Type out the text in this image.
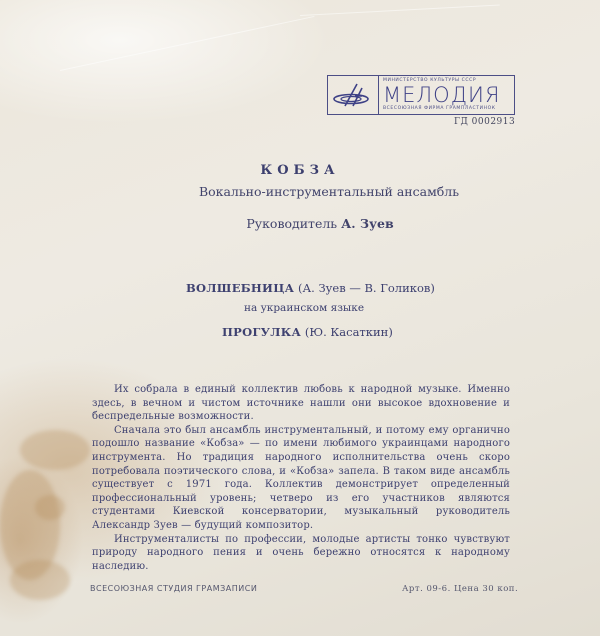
МИНИСТЕРСТВО КУЛЬТУРЫ СССР
МЕЛОДИЯ
ВСЕСОЮЗНАЯ ФИРМА ГРАМПЛАСТИНОК
ГД 0002913
КОБЗА
Вокально-инструментальный ансамбль
Руководитель А. Зуев
ВОЛШЕБНИЦА (А. Зуев — В. Голиков)
на украинском языке
ПРОГУЛКА (Ю. Касаткин)

Их собрала в единый коллектив любовь к народной музыке. Именно здесь, в вечном и чистом источнике нашли они высокое вдохновение и беспредельные возможности.

Сначала это был ансамбль инструментальный, и потому ему органично подошло название «Кобза» — по имени любимого украинцами народного инструмента. Но традиция народного исполнительства очень скоро потребовала поэтического слова, и «Кобза» запела. В таком виде ансамбль существует с 1971 года. Коллектив демонстрирует определенный профессиональный уровень; четверо из его участников являются студентами Киевской консерватории, музыкальный руководитель Александр Зуев — будущий композитор.

Инструменталисты по профессии, молодые артисты тонко чувствуют природу народного пения и очень бережно относятся к народному наследию.

ВСЕСОЮЗНАЯ СТУДИЯ ГРАМЗАПИСИ	Арт. 09-6. Цена 30 коп.
